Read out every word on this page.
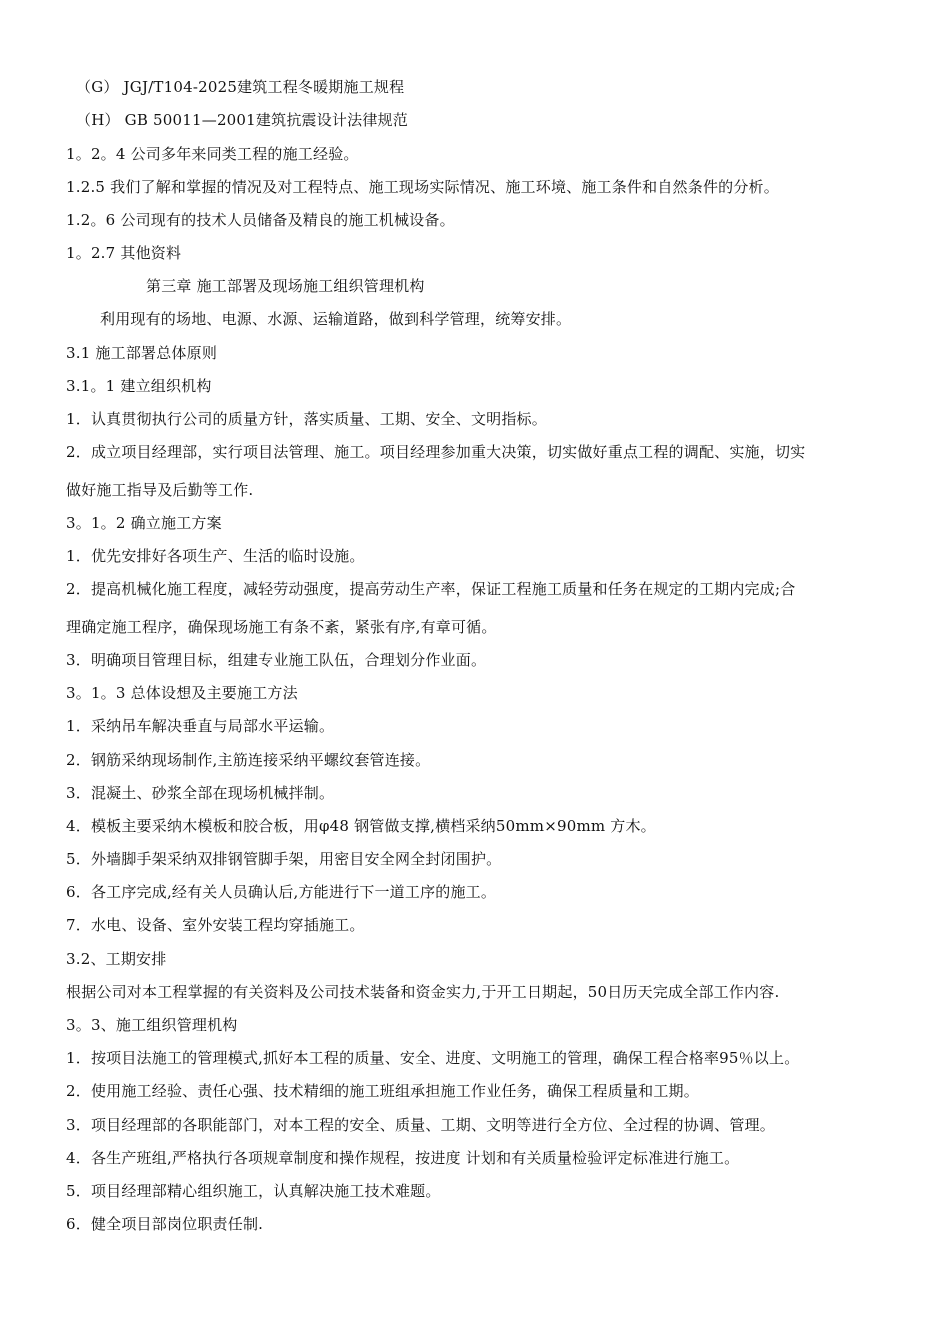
（G） JGJ/T104-2025建筑工程冬暖期施工规程
（H） GB 50011—2001建筑抗震设计法律规范
1。2。4 公司多年来同类工程的施工经验。
1.2.5 我们了解和掌握的情况及对工程特点、施工现场实际情况、施工环境、施工条件和自然条件的分析。
1.2。6 公司现有的技术人员储备及精良的施工机械设备。
1。2.7 其他资料
第三章 施工部署及现场施工组织管理机构
利用现有的场地、电源、水源、运输道路，做到科学管理，统筹安排。
3.1 施工部署总体原则
3.1。1 建立组织机构
1．认真贯彻执行公司的质量方针，落实质量、工期、安全、文明指标。
2．成立项目经理部，实行项目法管理、施工。项目经理参加重大决策，切实做好重点工程的调配、实施，切实
做好施工指导及后勤等工作.
3。1。2 确立施工方案
1．优先安排好各项生产、生活的临时设施。
2．提高机械化施工程度，减轻劳动强度，提高劳动生产率，保证工程施工质量和任务在规定的工期内完成;合
理确定施工程序，确保现场施工有条不紊，紧张有序,有章可循。
3．明确项目管理目标，组建专业施工队伍，合理划分作业面。
3。1。3 总体设想及主要施工方法
1．采纳吊车解决垂直与局部水平运输。
2．钢筋采纳现场制作,主筋连接采纳平螺纹套管连接。
3．混凝土、砂浆全部在现场机械拌制。
4．模板主要采纳木模板和胶合板，用φ48 钢管做支撑,横档采纳50mm×90mm 方木。
5．外墙脚手架采纳双排钢管脚手架，用密目安全网全封闭围护。
6．各工序完成,经有关人员确认后,方能进行下一道工序的施工。
7．水电、设备、室外安装工程均穿插施工。
3.2、工期安排
根据公司对本工程掌握的有关资料及公司技术装备和资金实力,于开工日期起，50日历天完成全部工作内容.
3。3、施工组织管理机构
1．按项目法施工的管理模式,抓好本工程的质量、安全、进度、文明施工的管理，确保工程合格率95％以上。
2．使用施工经验、责任心强、技术精细的施工班组承担施工作业任务，确保工程质量和工期。
3．项目经理部的各职能部门，对本工程的安全、质量、工期、文明等进行全方位、全过程的协调、管理。
4．各生产班组,严格执行各项规章制度和操作规程，按进度 计划和有关质量检验评定标准进行施工。
5．项目经理部精心组织施工，认真解决施工技术难题。
6．健全项目部岗位职责任制.
